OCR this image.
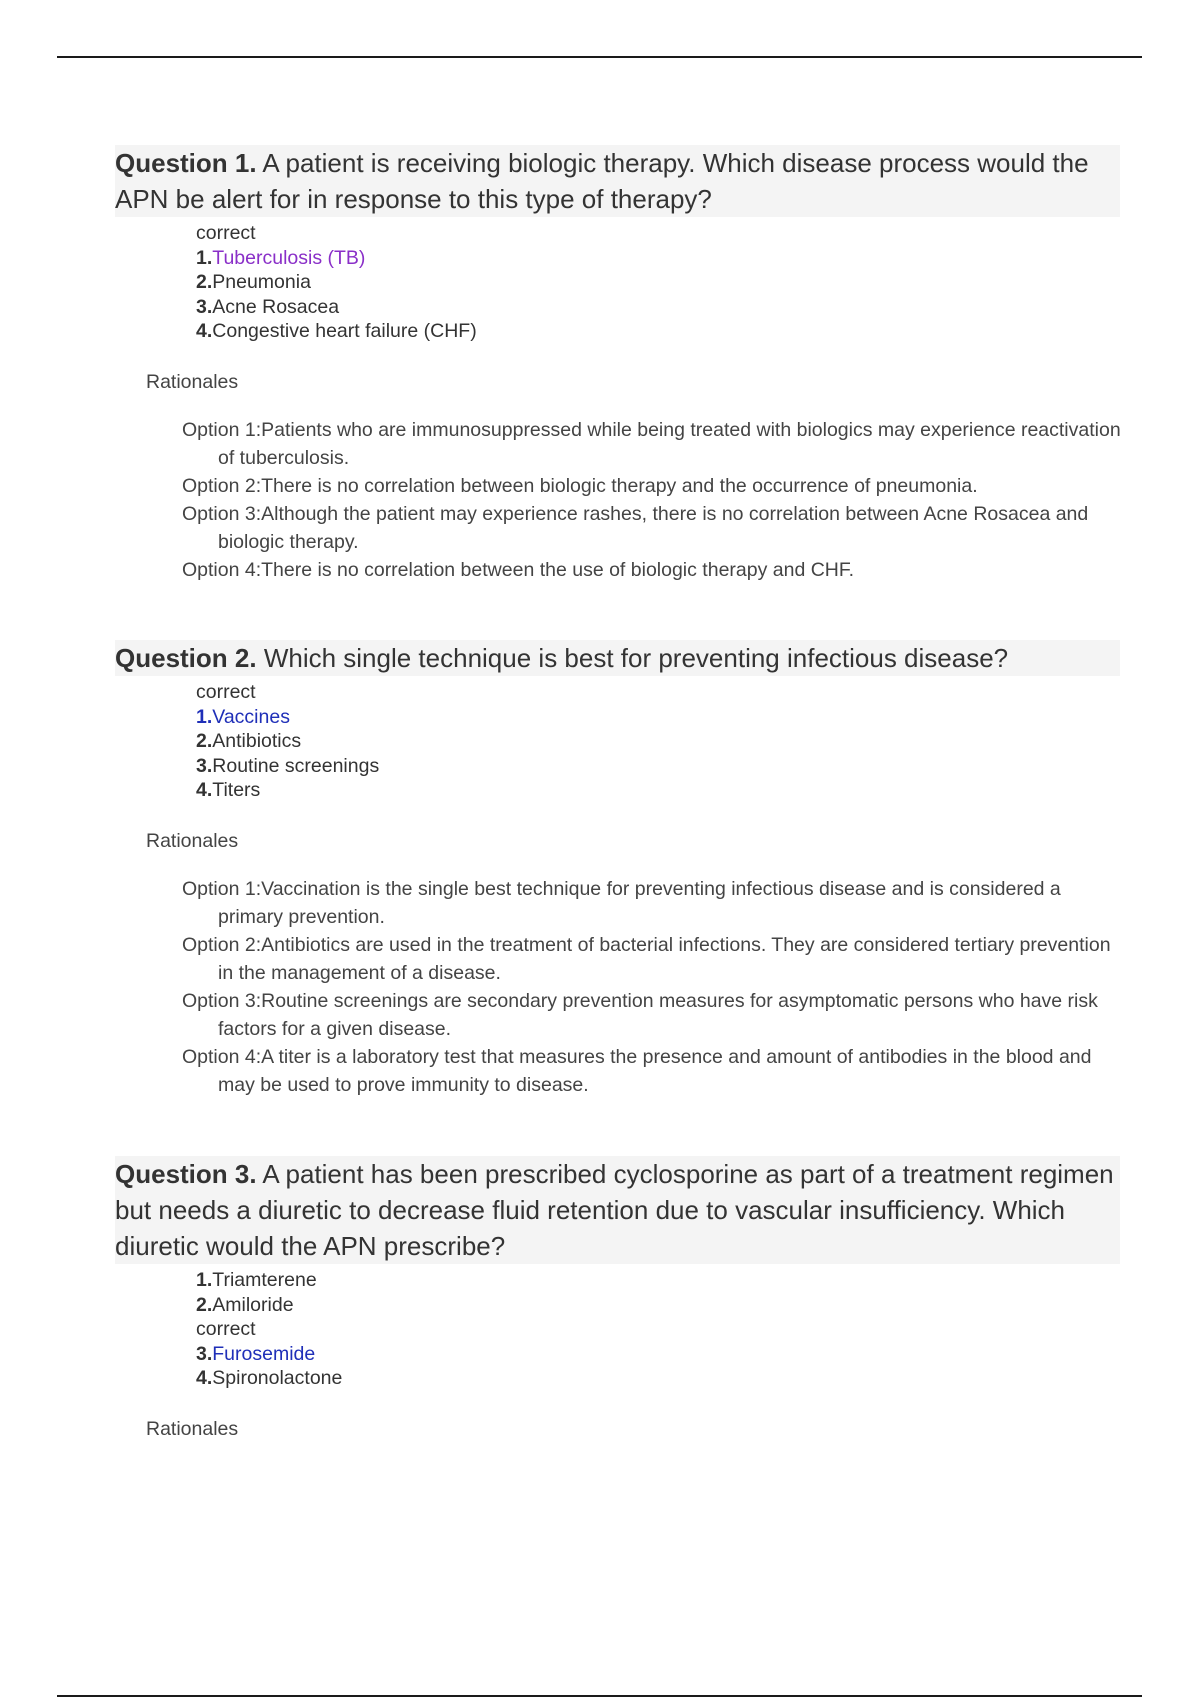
Question 1. A patient is receiving biologic therapy. Which disease process would the APN be alert for in response to this type of therapy?

correct
1.Tuberculosis (TB)
2.Pneumonia
3.Acne Rosacea
4.Congestive heart failure (CHF)
Rationales
Option 1:Patients who are immunosuppressed while being treated with biologics may experience reactivation of tuberculosis.
Option 2:There is no correlation between biologic therapy and the occurrence of pneumonia.
Option 3:Although the patient may experience rashes, there is no correlation between Acne Rosacea and biologic therapy.
Option 4:There is no correlation between the use of biologic therapy and CHF.

Question 2. Which single technique is best for preventing infectious disease?

correct
1.Vaccines
2.Antibiotics
3.Routine screenings
4.Titers
Rationales
Option 1:Vaccination is the single best technique for preventing infectious disease and is considered a primary prevention.
Option 2:Antibiotics are used in the treatment of bacterial infections. They are considered tertiary prevention in the management of a disease.
Option 3:Routine screenings are secondary prevention measures for asymptomatic persons who have risk factors for a given disease.
Option 4:A titer is a laboratory test that measures the presence and amount of antibodies in the blood and may be used to prove immunity to disease.

Question 3. A patient has been prescribed cyclosporine as part of a treatment regimen but needs a diuretic to decrease fluid retention due to vascular insufficiency. Which diuretic would the APN prescribe?

1.Triamterene
2.Amiloride
correct
3.Furosemide
4.Spironolactone
Rationales
